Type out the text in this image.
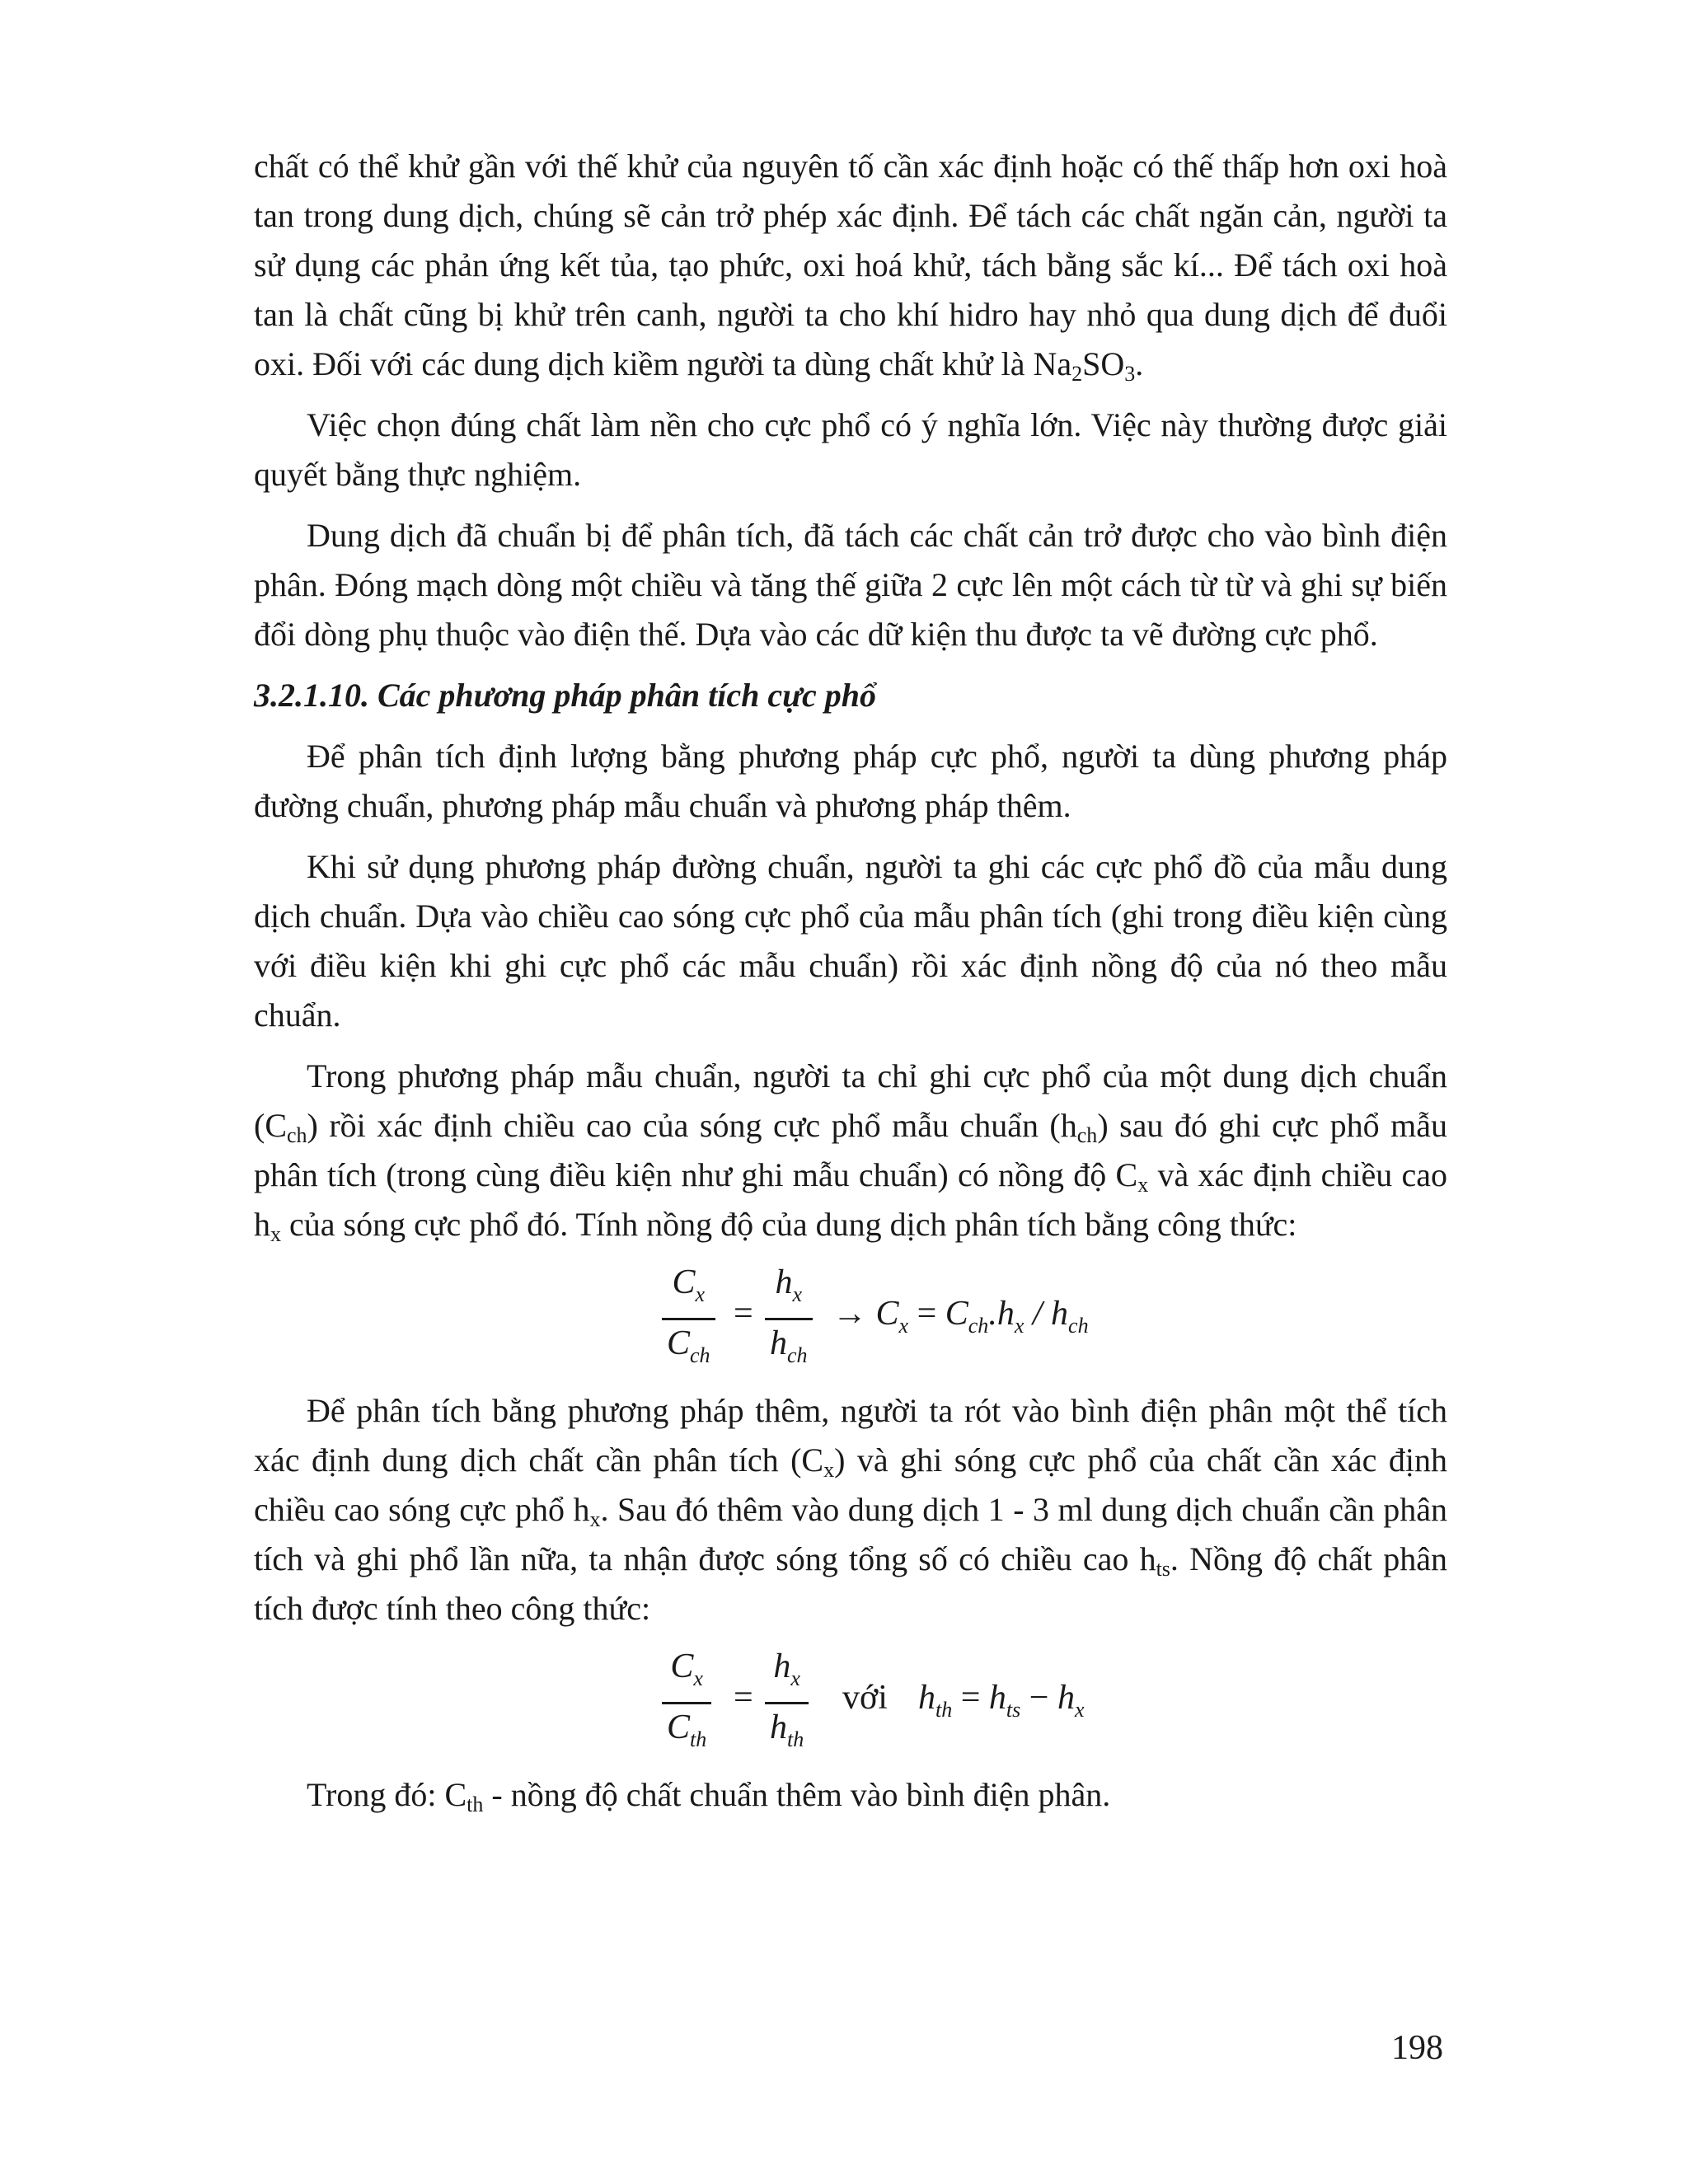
chất có thể khử gần với thế khử của nguyên tố cần xác định hoặc có thế thấp hơn oxi hoà tan trong dung dịch, chúng sẽ cản trở phép xác định. Để tách các chất ngăn cản, người ta sử dụng các phản ứng kết tủa, tạo phức, oxi hoá khử, tách bằng sắc kí... Để tách oxi hoà tan là chất cũng bị khử trên canh, người ta cho khí hidro hay nhỏ qua dung dịch để đuổi oxi. Đối với các dung dịch kiềm người ta dùng chất khử là $Na_2SO_3$.

Việc chọn đúng chất làm nền cho cực phổ có ý nghĩa lớn. Việc này thường được giải quyết bằng thực nghiệm.

Dung dịch đã chuẩn bị để phân tích, đã tách các chất cản trở được cho vào bình điện phân. Đóng mạch dòng một chiều và tăng thế giữa 2 cực lên một cách từ từ và ghi sự biến đổi dòng phụ thuộc vào điện thế. Dựa vào các dữ kiện thu được ta vẽ đường cực phổ.

3.2.1.10. Các phương pháp phân tích cực phổ

Để phân tích định lượng bằng phương pháp cực phổ, người ta dùng phương pháp đường chuẩn, phương pháp mẫu chuẩn và phương pháp thêm.

Khi sử dụng phương pháp đường chuẩn, người ta ghi các cực phổ đồ của mẫu dung dịch chuẩn. Dựa vào chiều cao sóng cực phổ của mẫu phân tích (ghi trong điều kiện cùng với điều kiện khi ghi cực phổ các mẫu chuẩn) rồi xác định nồng độ của nó theo mẫu chuẩn.

Trong phương pháp mẫu chuẩn, người ta chỉ ghi cực phổ của một dung dịch chuẩn $(C_{ch})$ rồi xác định chiều cao của sóng cực phổ mẫu chuẩn $(h_{ch})$ sau đó ghi cực phổ mẫu phân tích (trong cùng điều kiện như ghi mẫu chuẩn) có nồng độ $C_x$ và xác định chiều cao $h_x$ của sóng cực phổ đó. Tính nồng độ của dung dịch phân tích bằng công thức:

$C_x$
$C_{ch}$
=
$h_x$
$h_{ch}$
→ $C_x = C_{ch}.h_x / h_{ch}$

Để phân tích bằng phương pháp thêm, người ta rót vào bình điện phân một thể tích xác định dung dịch chất cần phân tích $(C_x)$ và ghi sóng cực phổ của chất cần xác định chiều cao sóng cực phổ $h_x$. Sau đó thêm vào dung dịch 1 - 3 ml dung dịch chuẩn cần phân tích và ghi phổ lần nữa, ta nhận được sóng tổng số có chiều cao $h_{ts}$. Nồng độ chất phân tích được tính theo công thức:

$C_x$
$C_{th}$
=
$h_x$
$h_{th}$
với $h_{th} = h_{ts} - h_x$

Trong đó: $C_{th}$ - nồng độ chất chuẩn thêm vào bình điện phân.

198
